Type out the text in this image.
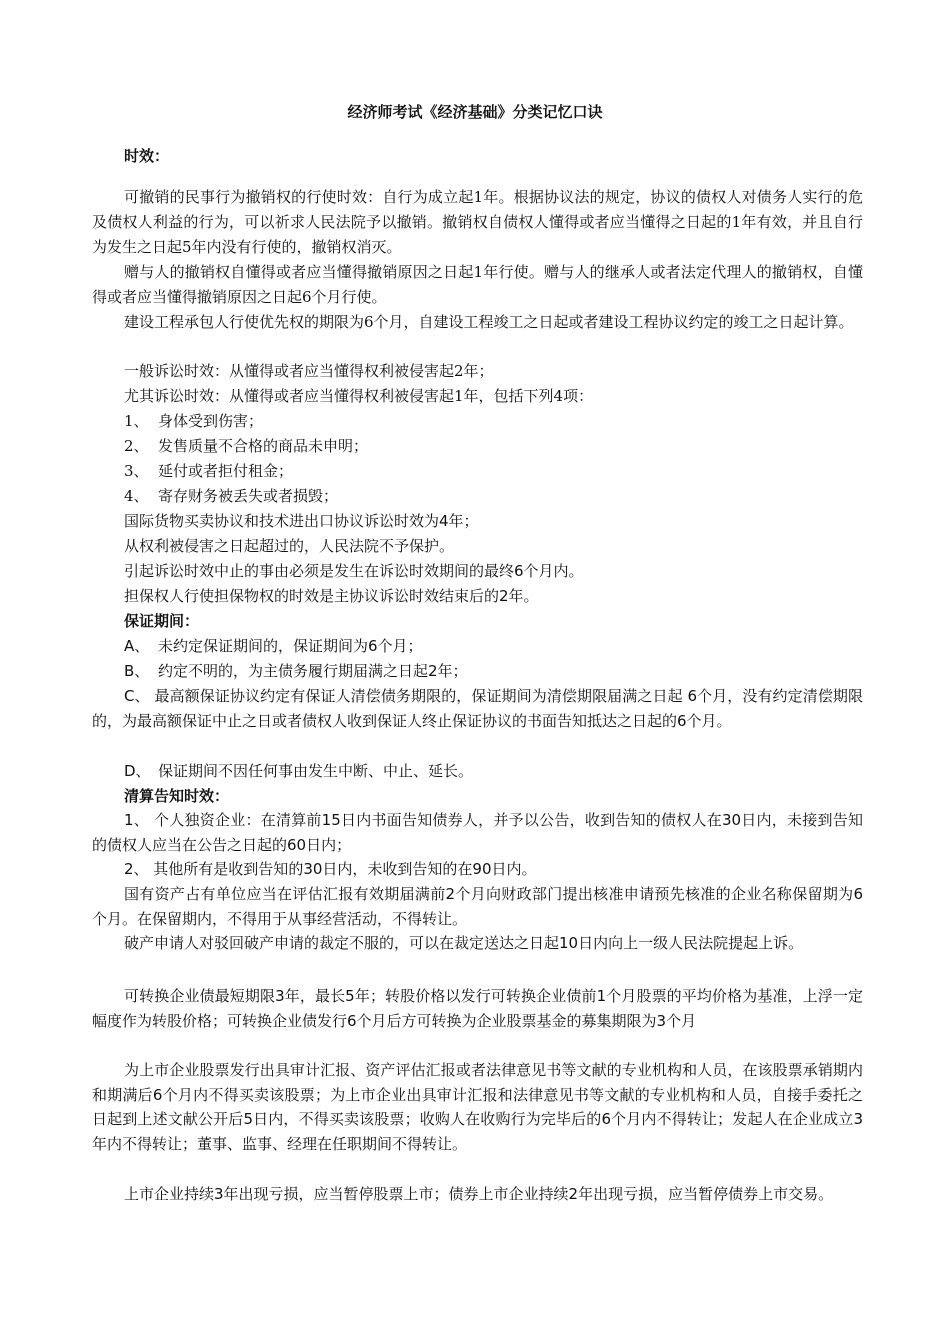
经济师考试《经济基础》分类记忆口诀
时效：
可撤销的民事行为撤销权的行使时效：自行为成立起1年。根据协议法的规定，协议的债权人对债务人实行的危及债权人利益的行为，可以祈求人民法院予以撤销。撤销权自债权人懂得或者应当懂得之日起的1年有效，并且自行为发生之日起5年内没有行使的，撤销权消灭。
赠与人的撤销权自懂得或者应当懂得撤销原因之日起1年行使。赠与人的继承人或者法定代理人的撤销权，自懂得或者应当懂得撤销原因之日起6个月行使。
建设工程承包人行使优先权的期限为6个月，自建设工程竣工之日起或者建设工程协议约定的竣工之日起计算。
一般诉讼时效：从懂得或者应当懂得权利被侵害起2年；
尤其诉讼时效：从懂得或者应当懂得权利被侵害起1年，包括下列4项：
1、 身体受到伤害；
2、 发售质量不合格的商品未申明；
3、 延付或者拒付租金；
4、 寄存财务被丢失或者损毁；
国际货物买卖协议和技术进出口协议诉讼时效为4年；
从权利被侵害之日起超过的，人民法院不予保护。
引起诉讼时效中止的事由必须是发生在诉讼时效期间的最终6个月内。
担保权人行使担保物权的时效是主协议诉讼时效结束后的2年。
保证期间：
A、 未约定保证期间的，保证期间为6个月；
B、 约定不明的，为主债务履行期届满之日起2年；
C、 最高额保证协议约定有保证人清偿债务期限的，保证期间为清偿期限届满之日起 6个月，没有约定清偿期限的，为最高额保证中止之日或者债权人收到保证人终止保证协议的书面告知抵达之日起的6个月。
D、 保证期间不因任何事由发生中断、中止、延长。
清算告知时效：
1、 个人独资企业：在清算前15日内书面告知债券人，并予以公告，收到告知的债权人在30日内，未接到告知的债权人应当在公告之日起的60日内；
2、 其他所有是收到告知的30日内，未收到告知的在90日内。
国有资产占有单位应当在评估汇报有效期届满前2个月向财政部门提出核准申请预先核准的企业名称保留期为6个月。在保留期内，不得用于从事经营活动，不得转让。
破产申请人对驳回破产申请的裁定不服的，可以在裁定送达之日起10日内向上一级人民法院提起上诉。
可转换企业债最短期限3年，最长5年；转股价格以发行可转换企业债前1个月股票的平均价格为基准，上浮一定幅度作为转股价格；可转换企业债发行6个月后方可转换为企业股票基金的募集期限为3个月
为上市企业股票发行出具审计汇报、资产评估汇报或者法律意见书等文献的专业机构和人员，在该股票承销期内和期满后6个月内不得买卖该股票；为上市企业出具审计汇报和法律意见书等文献的专业机构和人员，自接手委托之日起到上述文献公开后5日内，不得买卖该股票；收购人在收购行为完毕后的6个月内不得转让；发起人在企业成立3年内不得转让；董事、监事、经理在任职期间不得转让。
上市企业持续3年出现亏损，应当暂停股票上市；债券上市企业持续2年出现亏损，应当暂停债券上市交易。
